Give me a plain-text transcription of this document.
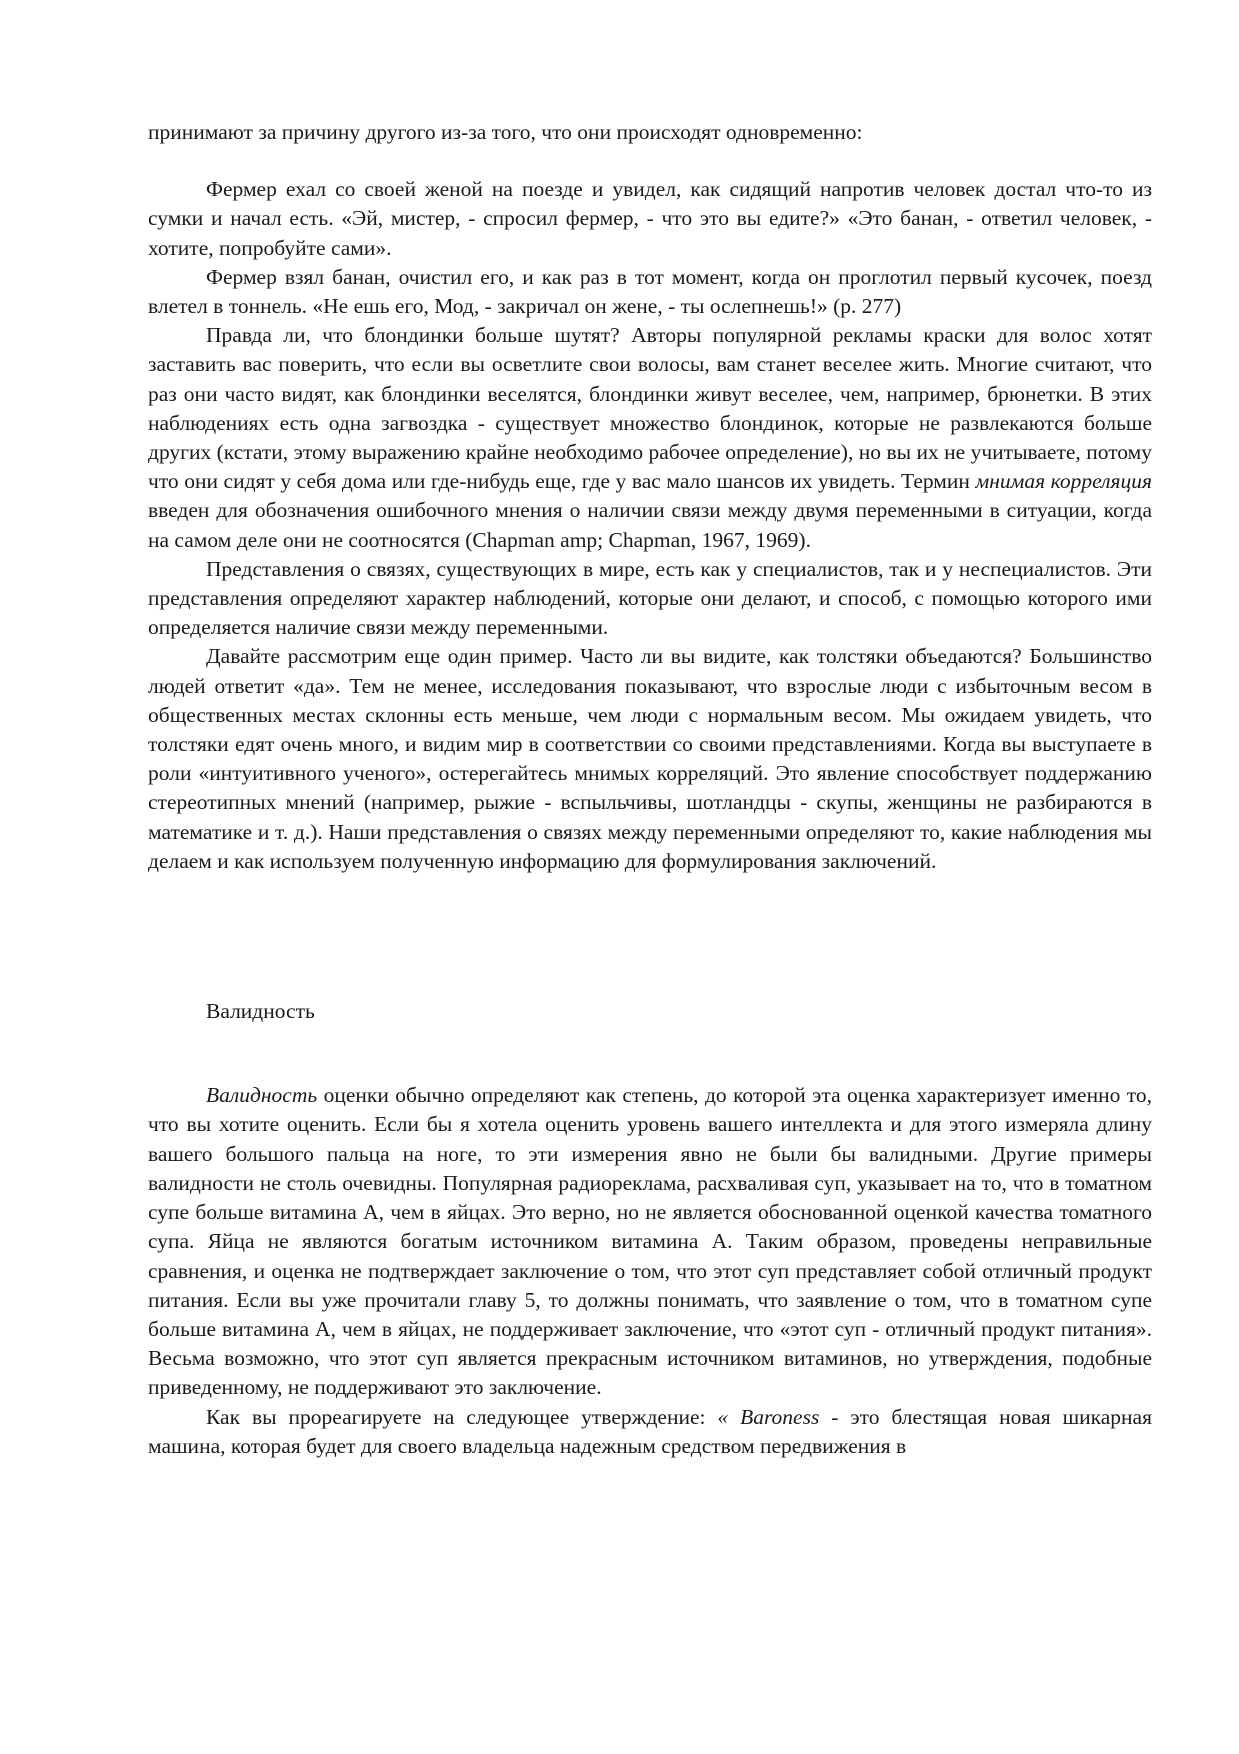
принимают за причину другого из-за того, что они происходят одновременно:

Фермер ехал со своей женой на поезде и увидел, как сидящий напротив человек достал что-то из сумки и начал есть. «Эй, мистер, - спросил фермер, - что это вы едите?» «Это банан, - ответил человек, - хотите, попробуйте сами».

Фермер взял банан, очистил его, и как раз в тот момент, когда он проглотил первый кусочек, поезд влетел в тоннель. «Не ешь его, Мод, - закричал он жене, - ты ослепнешь!» (р. 277)

Правда ли, что блондинки больше шутят? Авторы популярной рекламы краски для волос хотят заставить вас поверить, что если вы осветлите свои волосы, вам станет веселее жить. Многие считают, что раз они часто видят, как блондинки веселятся, блондинки живут веселее, чем, например, брюнетки. В этих наблюдениях есть одна загвоздка - существует множество блондинок, которые не развлекаются больше других (кстати, этому выражению крайне необходимо рабочее определение), но вы их не учитываете, потому что они сидят у себя дома или где-нибудь еще, где у вас мало шансов их увидеть. Термин мнимая корреляция введен для обозначения ошибочного мнения о наличии связи между двумя переменными в ситуации, когда на самом деле они не соотносятся (Chapman amp; Chapman, 1967, 1969).

Представления о связях, существующих в мире, есть как у специалистов, так и у неспециалистов. Эти представления определяют характер наблюдений, которые они делают, и способ, с помощью которого ими определяется наличие связи между переменными.

Давайте рассмотрим еще один пример. Часто ли вы видите, как толстяки объедаются? Большинство людей ответит «да». Тем не менее, исследования показывают, что взрослые люди с избыточным весом в общественных местах склонны есть меньше, чем люди с нормальным весом. Мы ожидаем увидеть, что толстяки едят очень много, и видим мир в соответствии со своими представлениями. Когда вы выступаете в роли «интуитивного ученого», остерегайтесь мнимых корреляций. Это явление способствует поддержанию стереотипных мнений (например, рыжие - вспыльчивы, шотландцы - скупы, женщины не разбираются в математике и т. д.). Наши представления о связях между переменными определяют то, какие наблюдения мы делаем и как используем полученную информацию для формулирования заключений.

Валидность

Валидность оценки обычно определяют как степень, до которой эта оценка характеризует именно то, что вы хотите оценить. Если бы я хотела оценить уровень вашего интеллекта и для этого измеряла длину вашего большого пальца на ноге, то эти измерения явно не были бы валидными. Другие примеры валидности не столь очевидны. Популярная радиореклама, расхваливая суп, указывает на то, что в томатном супе больше витамина А, чем в яйцах. Это верно, но не является обоснованной оценкой качества томатного супа. Яйца не являются богатым источником витамина А. Таким образом, проведены неправильные сравнения, и оценка не подтверждает заключение о том, что этот суп представляет собой отличный продукт питания. Если вы уже прочитали главу 5, то должны понимать, что заявление о том, что в томатном супе больше витамина А, чем в яйцах, не поддерживает заключение, что «этот суп - отличный продукт питания». Весьма возможно, что этот суп является прекрасным источником витаминов, но утверждения, подобные приведенному, не поддерживают это заключение.

Как вы прореагируете на следующее утверждение: « Baroness - это блестящая новая шикарная машина, которая будет для своего владельца надежным средством передвижения в
